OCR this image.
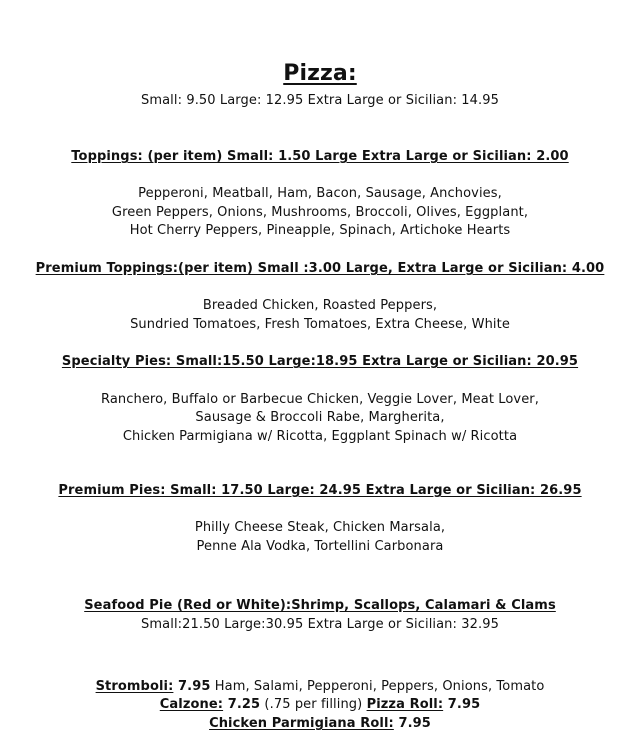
Pizza:
Small: 9.50 Large: 12.95 Extra Large or Sicilian: 14.95
Toppings: (per item) Small: 1.50 Large Extra Large or Sicilian: 2.00
Pepperoni, Meatball, Ham, Bacon, Sausage, Anchovies,
Green Peppers, Onions, Mushrooms, Broccoli, Olives, Eggplant,
Hot Cherry Peppers, Pineapple, Spinach, Artichoke Hearts
Premium Toppings:(per item) Small :3.00 Large, Extra Large or Sicilian: 4.00
Breaded Chicken, Roasted Peppers,
Sundried Tomatoes, Fresh Tomatoes, Extra Cheese, White
Specialty Pies: Small:15.50 Large:18.95 Extra Large or Sicilian: 20.95
Ranchero, Buffalo or Barbecue Chicken, Veggie Lover, Meat Lover,
Sausage & Broccoli Rabe, Margherita,
Chicken Parmigiana w/ Ricotta, Eggplant Spinach w/ Ricotta
Premium Pies: Small: 17.50 Large: 24.95 Extra Large or Sicilian: 26.95
Philly Cheese Steak, Chicken Marsala,
Penne Ala Vodka, Tortellini Carbonara
Seafood Pie (Red or White):Shrimp, Scallops, Calamari & Clams
Small:21.50 Large:30.95 Extra Large or Sicilian: 32.95
Stromboli: 7.95 Ham, Salami, Pepperoni, Peppers, Onions, Tomato
Calzone: 7.25 (.75 per filling) Pizza Roll: 7.95
Chicken Parmigiana Roll: 7.95
